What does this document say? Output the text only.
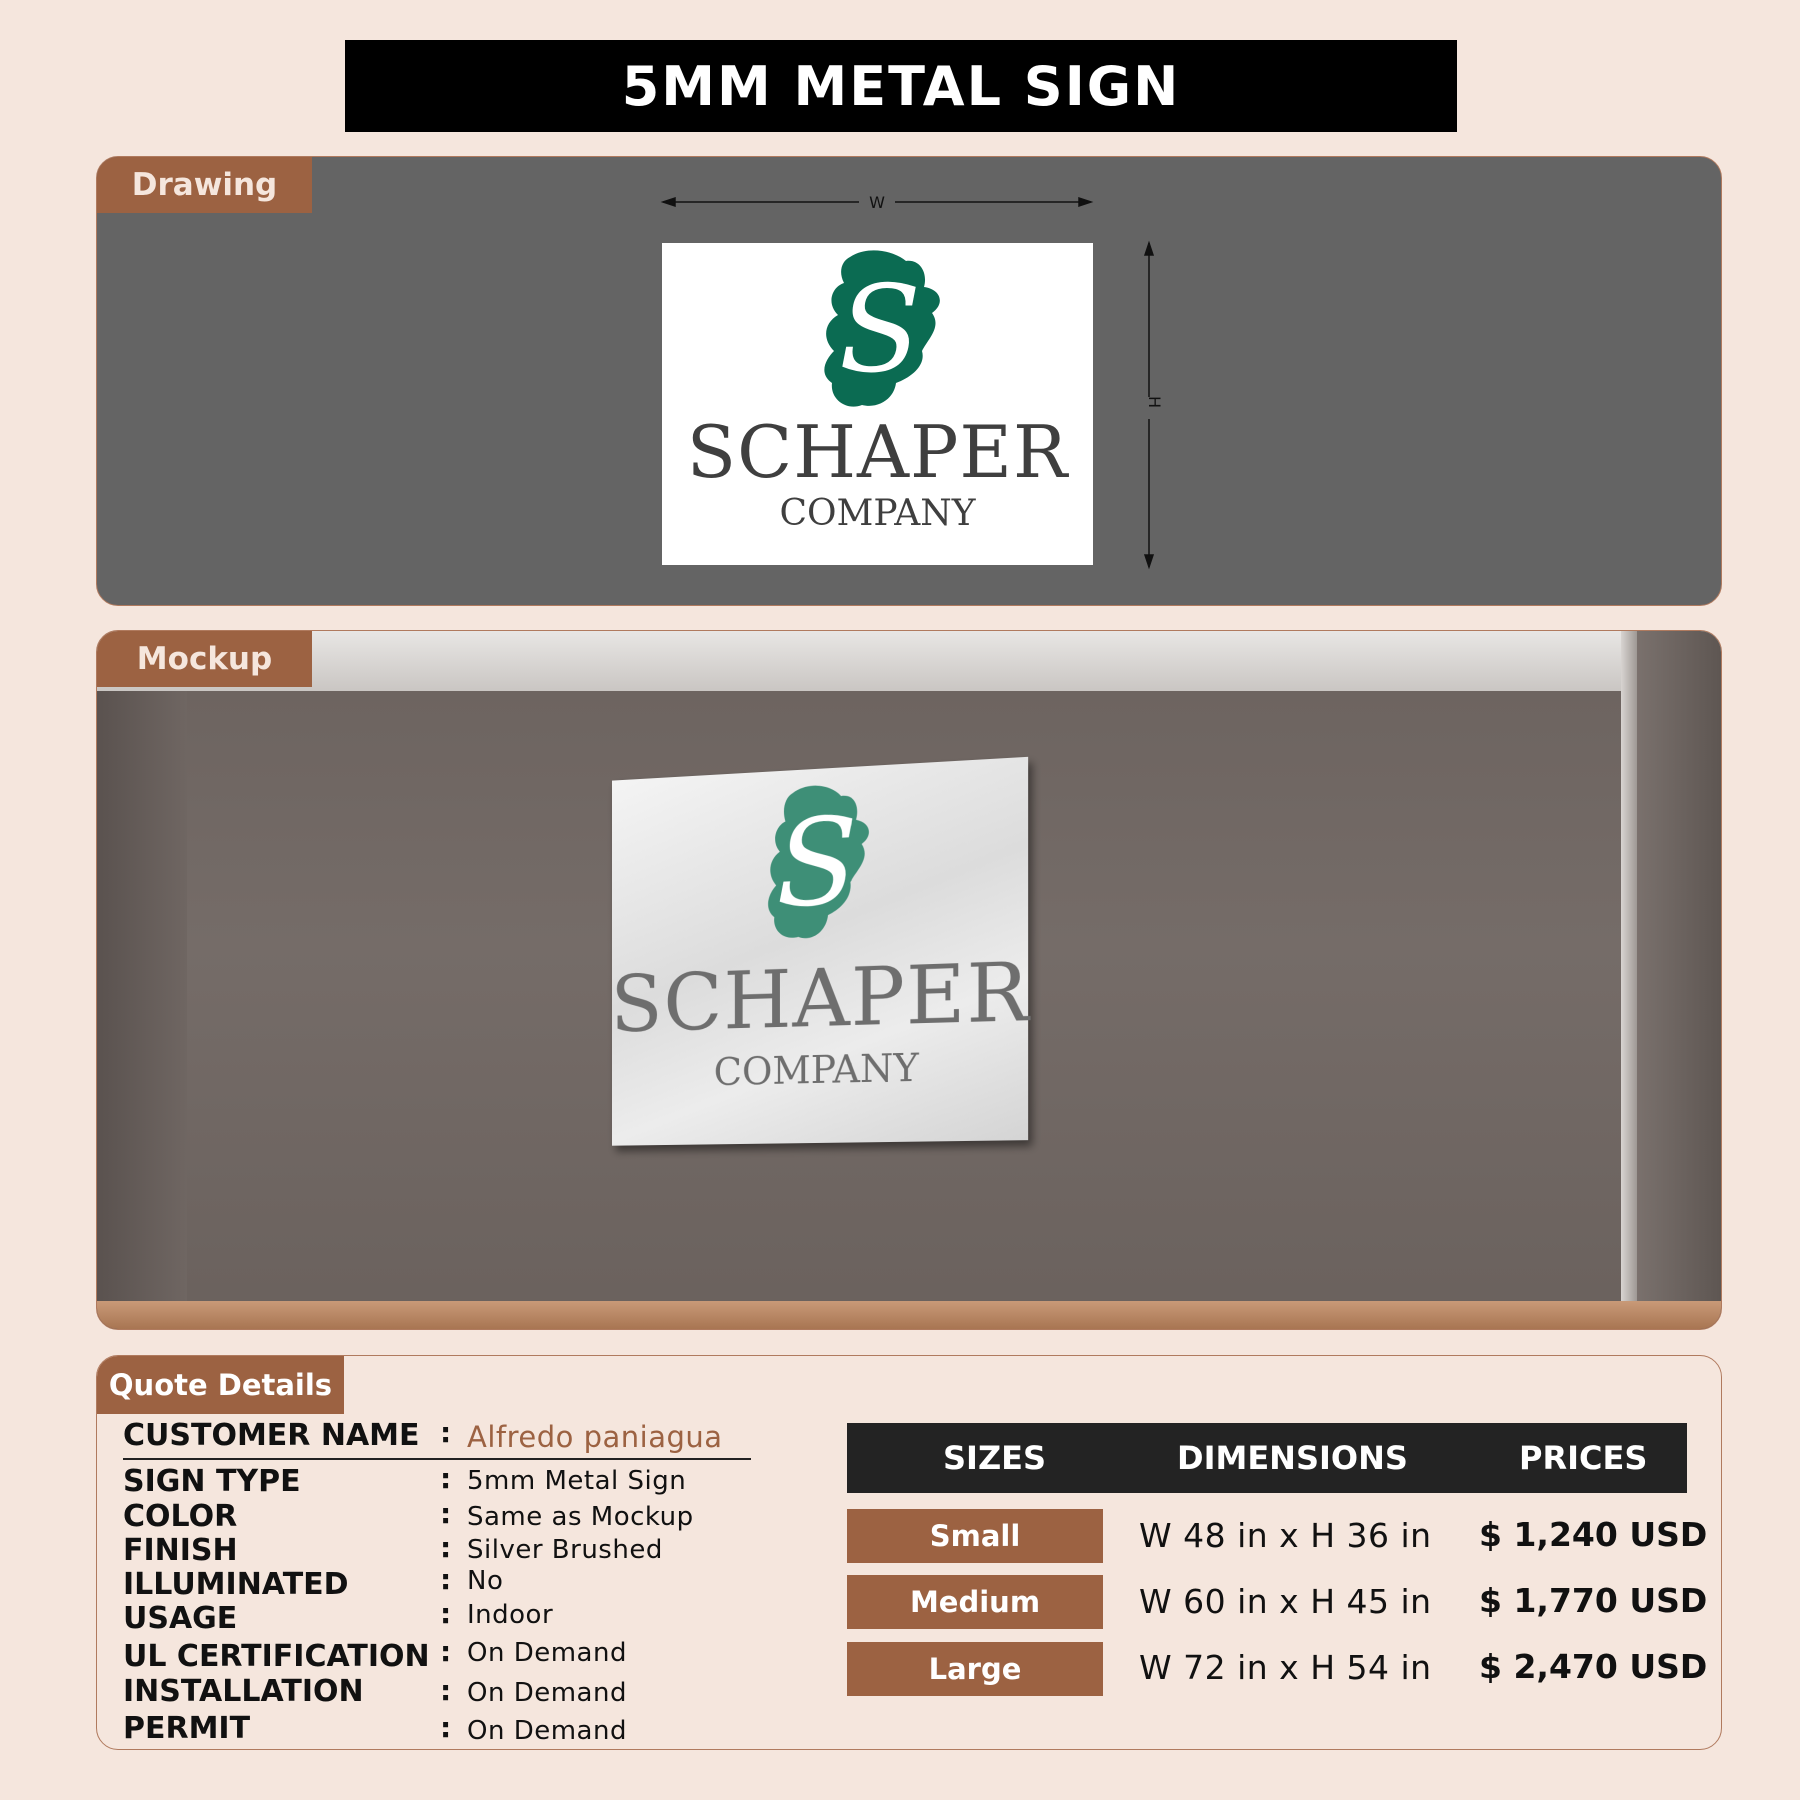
5MM METAL SIGN
Drawing	W
H
S
SCHAPER
COMPANY
S
SCHAPER
COMPANY
Mockup
Quote Details
CUSTOMER NAME : Alfredo paniagua
SIGN TYPE	: 5mm Metal Sign
COLOR	: Same as Mockup
FINISH	: Silver Brushed
ILLUMINATED	: No
USAGE	: Indoor
UL CERTIFICATION : On Demand
INSTALLATION	: On Demand
PERMIT	: On Demand
SIZES	DIMENSIONS	PRICES
Small	W 48 in x H 36 in $ 1,240 USD
Medium	W 60 in x H 45 in $ 1,770 USD
Large	W 72 in x H 54 in $ 2,470 USD
